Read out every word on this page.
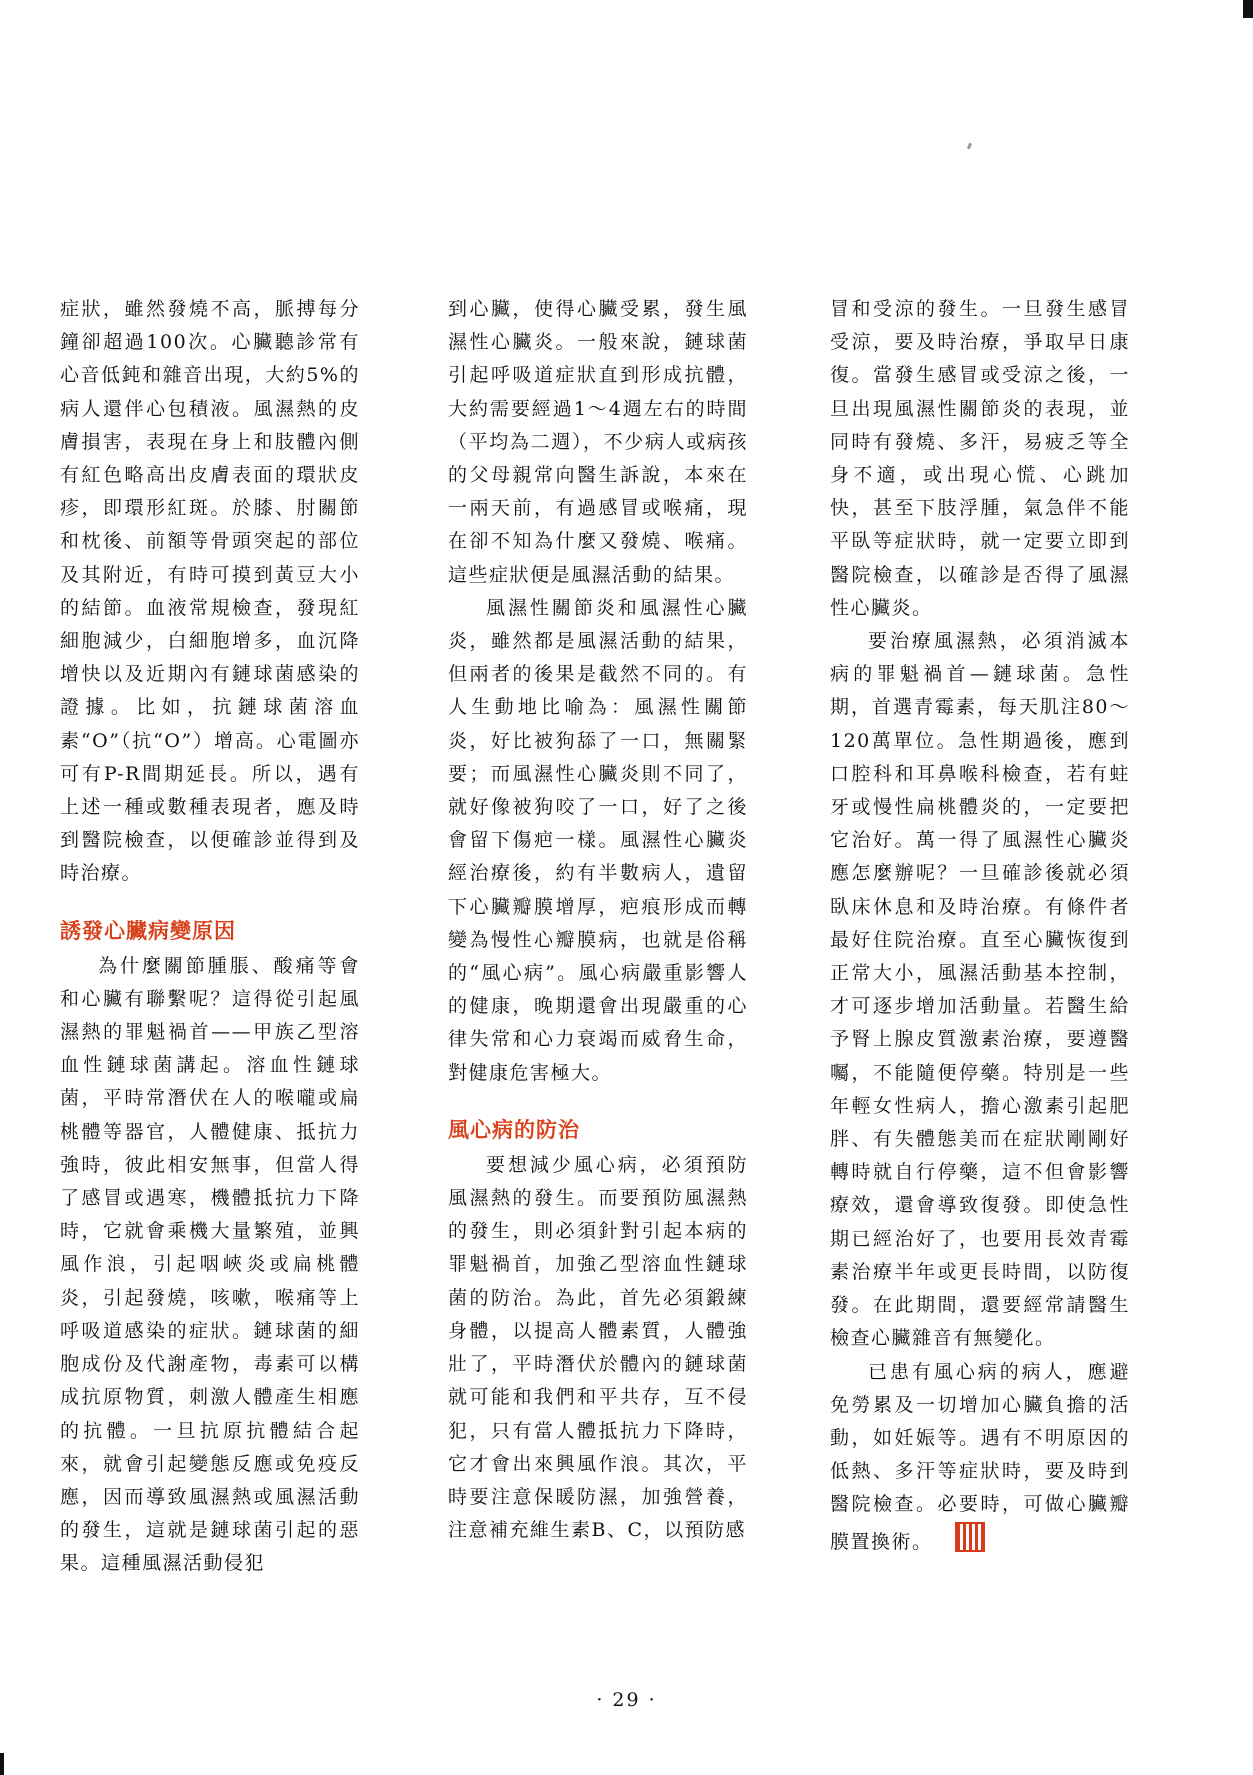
症狀，雖然發燒不高，脈搏每分鐘卻超過100次。心臟聽診常有心音低鈍和雜音出現，大約5%的病人還伴心包積液。風濕熱的皮膚損害，表現在身上和肢體內側有紅色略高出皮膚表面的環狀皮疹，即環形紅斑。於膝、肘關節和枕後、前額等骨頭突起的部位及其附近，有時可摸到黃豆大小的結節。血液常規檢查，發現紅細胞減少，白細胞增多，血沉降增快以及近期內有鏈球菌感染的證據。比如，抗鏈球菌溶血素“O”（抗“O”）增高。心電圖亦可有P-R間期延長。所以，遇有上述一種或數種表現者，應及時到醫院檢查，以便確診並得到及時治療。

誘發心臟病變原因

為什麼關節腫脹、酸痛等會和心臟有聯繫呢？這得從引起風濕熱的罪魁禍首——甲族乙型溶血性鏈球菌講起。溶血性鏈球菌，平時常潛伏在人的喉嚨或扁桃體等器官，人體健康、抵抗力強時，彼此相安無事，但當人得了感冒或遇寒，機體抵抗力下降時，它就會乘機大量繁殖，並興風作浪，引起咽峽炎或扁桃體炎，引起發燒，咳嗽，喉痛等上呼吸道感染的症狀。鏈球菌的細胞成份及代謝產物，毒素可以構成抗原物質，刺激人體產生相應的抗體。一旦抗原抗體結合起來，就會引起變態反應或免疫反應，因而導致風濕熱或風濕活動的發生，這就是鏈球菌引起的惡果。這種風濕活動侵犯

到心臟，使得心臟受累，發生風濕性心臟炎。一般來說，鏈球菌引起呼吸道症狀直到形成抗體，大約需要經過1～4週左右的時間（平均為二週），不少病人或病孩的父母親常向醫生訴說，本來在一兩天前，有過感冒或喉痛，現在卻不知為什麼又發燒、喉痛。這些症狀便是風濕活動的結果。

風濕性關節炎和風濕性心臟炎，雖然都是風濕活動的結果，但兩者的後果是截然不同的。有人生動地比喻為：風濕性關節炎，好比被狗舔了一口，無關緊要；而風濕性心臟炎則不同了，就好像被狗咬了一口，好了之後會留下傷疤一樣。風濕性心臟炎經治療後，約有半數病人，遺留下心臟瓣膜增厚，疤痕形成而轉變為慢性心瓣膜病，也就是俗稱的“風心病”。風心病嚴重影響人的健康，晚期還會出現嚴重的心律失常和心力衰竭而威脅生命，對健康危害極大。

風心病的防治

要想減少風心病，必須預防風濕熱的發生。而要預防風濕熱的發生，則必須針對引起本病的罪魁禍首，加強乙型溶血性鏈球菌的防治。為此，首先必須鍛練身體，以提高人體素質，人體強壯了，平時潛伏於體內的鏈球菌就可能和我們和平共存，互不侵犯，只有當人體抵抗力下降時，它才會出來興風作浪。其次，平時要注意保暖防濕，加強營養，注意補充維生素B、C，以預防感

冒和受涼的發生。一旦發生感冒受涼，要及時治療，爭取早日康復。當發生感冒或受涼之後，一旦出現風濕性關節炎的表現，並同時有發燒、多汗，易疲乏等全身不適，或出現心慌、心跳加快，甚至下肢浮腫，氣急伴不能平臥等症狀時，就一定要立即到醫院檢查，以確診是否得了風濕性心臟炎。

要治療風濕熱，必須消滅本病的罪魁禍首—鏈球菌。急性期，首選青霉素，每天肌注80～120萬單位。急性期過後，應到口腔科和耳鼻喉科檢查，若有蛀牙或慢性扁桃體炎的，一定要把它治好。萬一得了風濕性心臟炎應怎麼辦呢？一旦確診後就必須臥床休息和及時治療。有條件者最好住院治療。直至心臟恢復到正常大小，風濕活動基本控制，才可逐步增加活動量。若醫生給予腎上腺皮質激素治療，要遵醫囑，不能隨便停藥。特別是一些年輕女性病人，擔心激素引起肥胖、有失體態美而在症狀剛剛好轉時就自行停藥，這不但會影響療效，還會導致復發。即使急性期已經治好了，也要用長效青霉素治療半年或更長時間，以防復發。在此期間，還要經常請醫生檢查心臟雜音有無變化。

已患有風心病的病人，應避免勞累及一切增加心臟負擔的活動，如妊娠等。遇有不明原因的低熱、多汗等症狀時，要及時到醫院檢查。必要時，可做心臟瓣膜置換術。

· 29 ·
